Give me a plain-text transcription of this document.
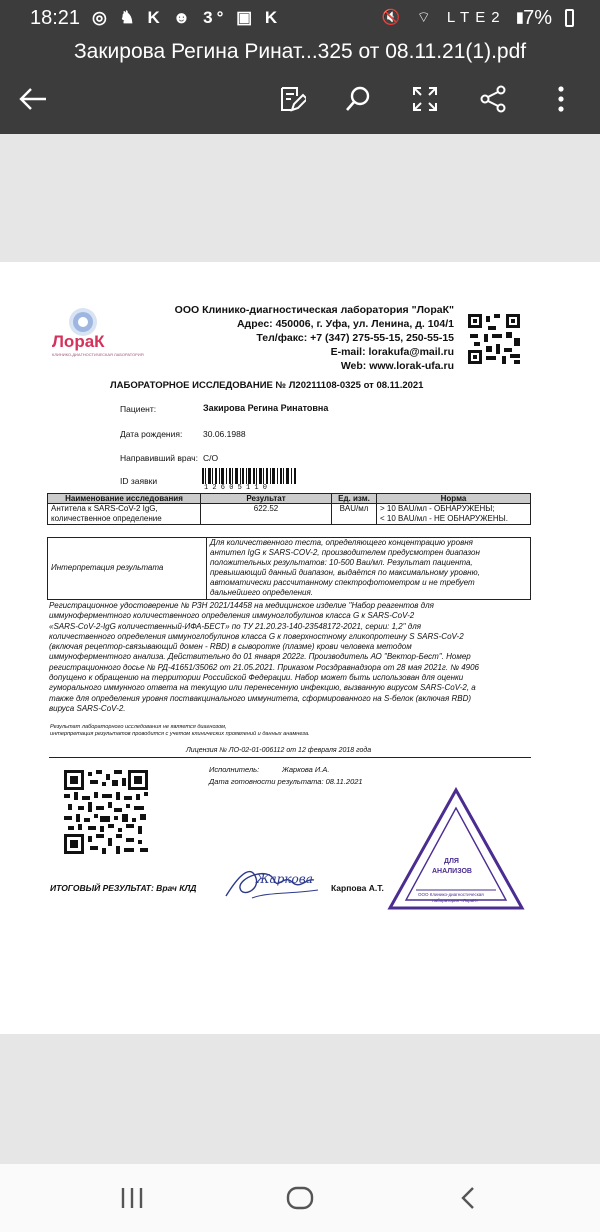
18:21 ◎ ♞ K ☻ 3° ▣ K	🔇 ⌔ LTE2 ▮
7%
Закирова Регина Ринат...325 от 08.11.21(1).pdf
ЛорaК
КЛИНИКО-ДИАГНОСТИЧЕСКАЯ ЛАБОРАТОРИЯ
ООО Клинико-диагностическая лаборатория "ЛораК"
Адрес: 450006, г. Уфа, ул. Ленина, д. 104/1
Тел/факс: +7 (347) 275-55-15, 250-55-15
E-mail: lorakufa@mail.ru
Web: www.lorak-ufa.ru
ЛАБОРАТОРНОЕ ИССЛЕДОВАНИЕ № Л20211108-0325 от 08.11.2021
Пациент:	Закирова Регина Ринатовна
Дата рождения: 30.06.1988
Направивший врач: С/О
ID заявки
1 2 6 0 5 1 1 0
Наименование исследования	Результат	Ед. изм.	Норма
Антитела к SARS-CoV-2 IgG,
количественное определение	622.52	BAU/мл	> 10 BAU/мл - ОБНАРУЖЕНЫ;
< 10 BAU/мл - НЕ ОБНАРУЖЕНЫ.
Интерпретация результата
Для количественного теста, определяющего концентрацию уровня
антител IgG к SARS-COV-2, производителем предусмотрен диапазон
положительных результатов: 10-500 Bau/мл. Результат пациента,
превышающий данный диапазон, выдаётся по максимальному уровню,
автоматически рассчитанному спектрофотометром и не требует
дальнейшего определения.
Регистрационное удостоверение № РЗН 2021/14458 на медицинское изделие "Набор реагентов для
иммуноферментного количественного определения иммуноглобулинов класса G к SARS-CoV-2
«SARS-CoV-2-IgG количественный-ИФА-БЕСТ» по ТУ 21.20.23-140-23548172-2021, серии: 1,2" для
количественного определения иммуноглобулинов класса G к поверхностному гликопротеину S SARS-CoV-2
(включая рецептор-связывающий домен - RBD) в сыворотке (плазме) крови человека методом
иммуноферментного анализа. Действительно до 01 января 2022г. Производитель АО "Вектор-Бест". Номер
регистрационного досье № РД-41651/35062 от 21.05.2021. Приказом Росздравнадзора от 28 мая 2021г. № 4906
допущено к обращению на территории Российской Федерации. Набор может быть использован для оценки
гуморального иммунного ответа на текущую или перенесенную инфекцию, вызванную вирусом SARS-CoV-2, а
также для определения уровня поствакцинального иммунитета, сформированного на S-белок (включая RBD)
вируса SARS-CoV-2.
Результат лабораторного исследования не является диагнозом,
интерпретация результатов проводится с учетом клинических проявлений и данных анамнеза.
Лицензия № ЛО-02-01-006112 от 12 февраля 2018 года
Исполнитель:	Жаркова И.А.
Дата готовности результата: 08.11.2021
ИТОГОВЫЙ РЕЗУЛЬТАТ: Врач КЛД
Жаркова
Карпова А.Т.
ДЛЯ
АНАЛИЗОВ
ООО Клинико-диагностическая
лаборатория «ЛораК»
